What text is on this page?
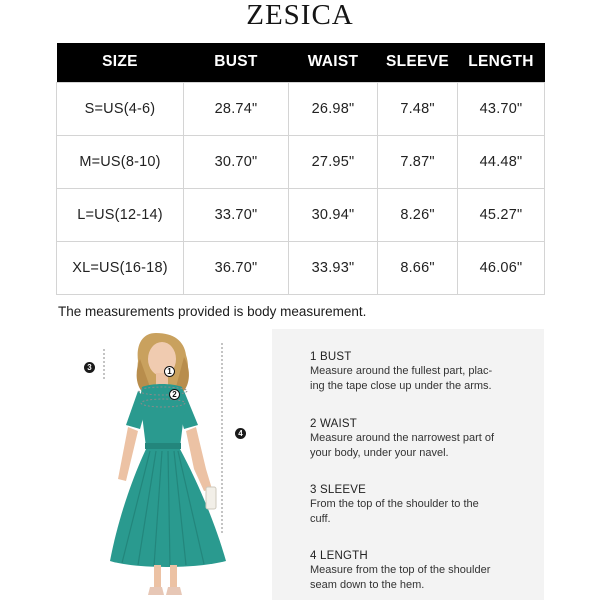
ZESICA
SIZE	BUST	WAIST	SLEEVE	LENGTH
S=US(4-6)	28.74"	26.98"	7.48"	43.70"
M=US(8-10)	30.70"	27.95"	7.87"	44.48"
L=US(12-14)	33.70"	30.94"	8.26"	45.27"
XL=US(16-18)	36.70"	33.93"	8.66"	46.06"
The measurements provided is body measurement.
3	1
2
4
1 BUST
Measure around the fullest part, plac-
ing the tape close up under the arms.
2 WAIST
Measure around the narrowest part of
your body, under your navel.
3 SLEEVE
From the top of the shoulder to the
cuff.
4 LENGTH
Measure from the top of the shoulder
seam down to the hem.
